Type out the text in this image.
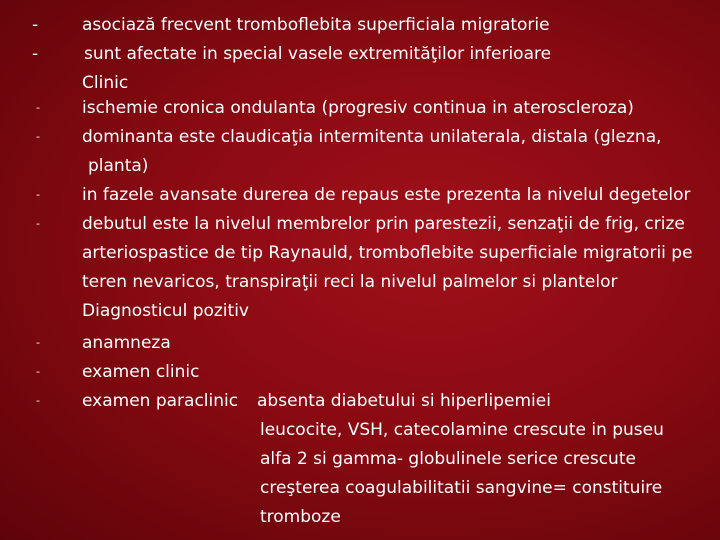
-
-
-
-
-
-
-
-
-
asociază frecvent tromboflebita superficiala migratorie
sunt afectate in special vasele extremităţilor inferioare
Clinic
ischemie cronica ondulanta (progresiv continua in ateroscleroza)
dominanta este claudicaţia intermitenta unilaterala, distala (glezna,
planta)
in fazele avansate durerea de repaus este prezenta la nivelul degetelor
debutul este la nivelul membrelor prin parestezii, senzaţii de frig, crize
arteriospastice de tip Raynauld, tromboflebite superficiale migratorii pe
teren nevaricos, transpiraţii reci la nivelul palmelor si plantelor
Diagnosticul pozitiv
anamneza
examen clinic
examen paraclinic absenta diabetului si hiperlipemiei
leucocite, VSH, catecolamine crescute in puseu
alfa 2 si gamma- globulinele serice crescute
creşterea coagulabilitatii sangvine= constituire
tromboze
